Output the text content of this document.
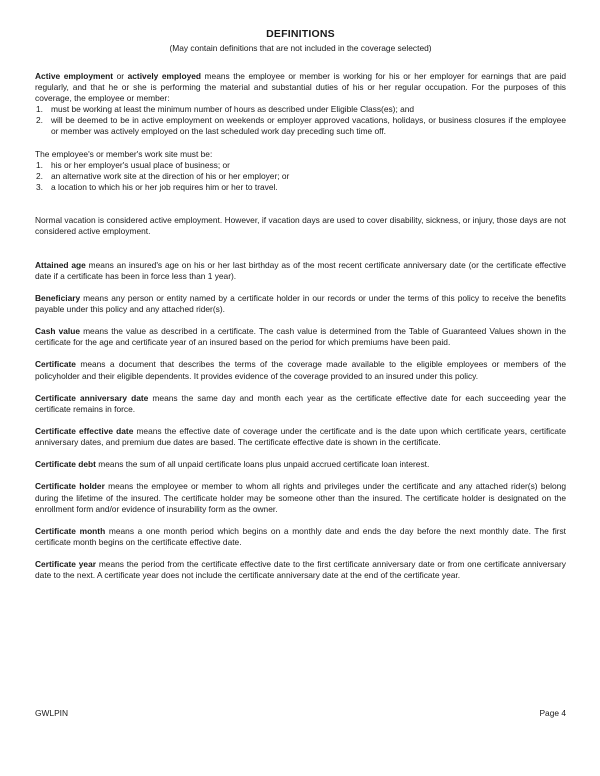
DEFINITIONS
(May contain definitions that are not included in the coverage selected)

Active employment or actively employed means the employee or member is working for his or her employer for earnings that are paid regularly, and that he or she is performing the material and substantial duties of his or her regular occupation. For the purposes of this coverage, the employee or member:

1. must be working at least the minimum number of hours as described under Eligible Class(es); and
2. will be deemed to be in active employment on weekends or employer approved vacations, holidays, or business closures if the employee or member was actively employed on the last scheduled work day preceding such time off.

The employee's or member's work site must be:

1. his or her employer's usual place of business; or
2. an alternative work site at the direction of his or her employer; or
3. a location to which his or her job requires him or her to travel.

Normal vacation is considered active employment. However, if vacation days are used to cover disability, sickness, or injury, those days are not considered active employment.

Attained age means an insured's age on his or her last birthday as of the most recent certificate anniversary date (or the certificate effective date if a certificate has been in force less than 1 year).

Beneficiary means any person or entity named by a certificate holder in our records or under the terms of this policy to receive the benefits payable under this policy and any attached rider(s).

Cash value means the value as described in a certificate. The cash value is determined from the Table of Guaranteed Values shown in the certificate for the age and certificate year of an insured based on the period for which premiums have been paid.

Certificate means a document that describes the terms of the coverage made available to the eligible employees or members of the policyholder and their eligible dependents. It provides evidence of the coverage provided to an insured under this policy.

Certificate anniversary date means the same day and month each year as the certificate effective date for each succeeding year the certificate remains in force.

Certificate effective date means the effective date of coverage under the certificate and is the date upon which certificate years, certificate anniversary dates, and premium due dates are based. The certificate effective date is shown in the certificate.

Certificate debt means the sum of all unpaid certificate loans plus unpaid accrued certificate loan interest.

Certificate holder means the employee or member to whom all rights and privileges under the certificate and any attached rider(s) belong during the lifetime of the insured. The certificate holder may be someone other than the insured. The certificate holder is designated on the enrollment form and/or evidence of insurability form as the owner.

Certificate month means a one month period which begins on a monthly date and ends the day before the next monthly date. The first certificate month begins on the certificate effective date.

Certificate year means the period from the certificate effective date to the first certificate anniversary date or from one certificate anniversary date to the next. A certificate year does not include the certificate anniversary date at the end of the certificate year.

GWLPIN	Page 4
